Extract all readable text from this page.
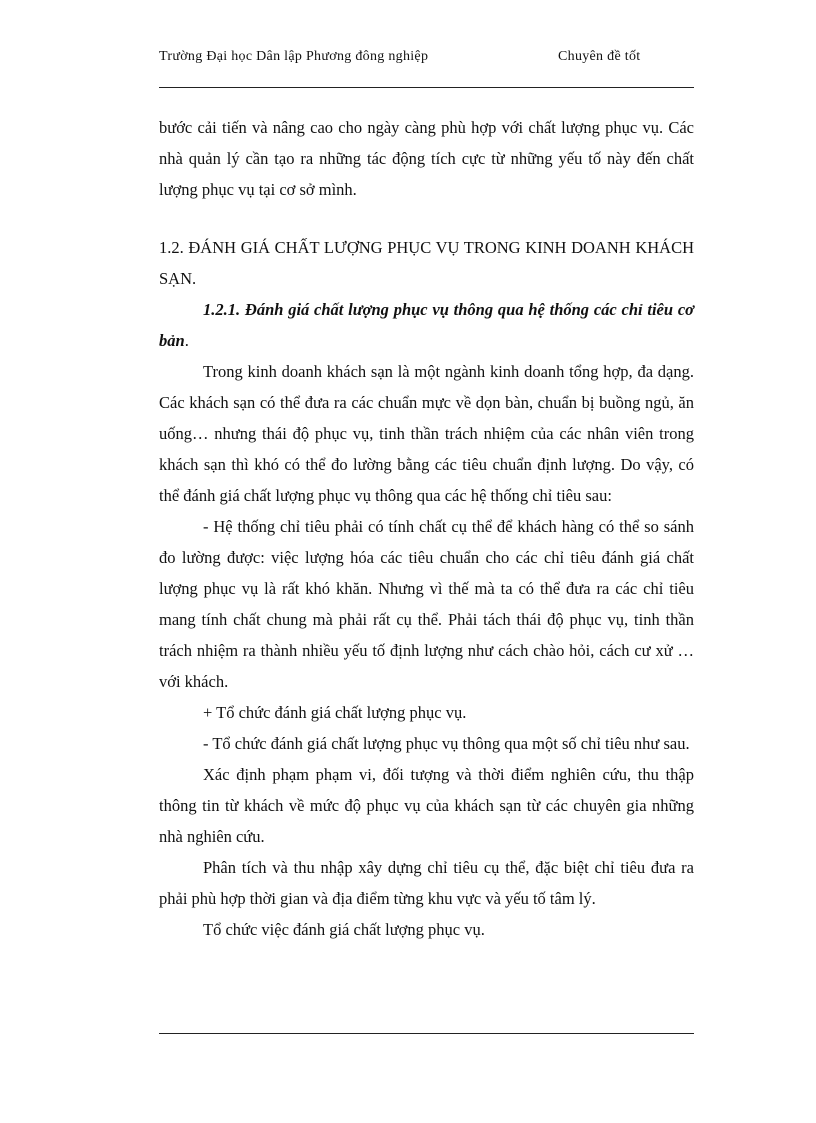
Trường Đại học Dân lập Phương đông nghiệp	Chuyên đề tốt

bước cải tiến và nâng cao cho ngày càng phù hợp với chất lượng phục vụ. Các nhà quản lý cần tạo ra những tác động tích cực từ những yếu tố này đến chất lượng phục vụ tại cơ sở mình.

1.2. ĐÁNH GIÁ CHẤT LƯỢNG PHỤC VỤ TRONG KINH DOANH KHÁCH SẠN.

1.2.1. Đánh giá chất lượng phục vụ thông qua hệ thống các chỉ tiêu cơ bản.

Trong kinh doanh khách sạn là một ngành kinh doanh tổng hợp, đa dạng. Các khách sạn có thể đưa ra các chuẩn mực về dọn bàn, chuẩn bị buồng ngủ, ăn uống… nhưng thái độ phục vụ, tinh thần trách nhiệm của các nhân viên trong khách sạn thì khó có thể đo lường bằng các tiêu chuẩn định lượng. Do vậy, có thể đánh giá chất lượng phục vụ thông qua các hệ thống chỉ tiêu sau:

- Hệ thống chỉ tiêu phải có tính chất cụ thể để khách hàng có thể so sánh đo lường được: việc lượng hóa các tiêu chuẩn cho các chỉ tiêu đánh giá chất lượng phục vụ là rất khó khăn. Nhưng vì thế mà ta có thể đưa ra các chỉ tiêu mang tính chất chung mà phải rất cụ thể. Phải tách thái độ phục vụ, tinh thần trách nhiệm ra thành nhiều yếu tố định lượng như cách chào hỏi, cách cư xử … với khách.

+ Tổ chức đánh giá chất lượng phục vụ.

- Tổ chức đánh giá chất lượng phục vụ thông qua một số chỉ tiêu như sau.

Xác định phạm phạm vi, đối tượng và thời điểm nghiên cứu, thu thập thông tin từ khách về mức độ phục vụ của khách sạn từ các chuyên gia những nhà nghiên cứu.

Phân tích và thu nhập xây dựng chỉ tiêu cụ thể, đặc biệt chỉ tiêu đưa ra phải phù hợp thời gian và địa điểm từng khu vực và yếu tố tâm lý.

Tổ chức việc đánh giá chất lượng phục vụ.
